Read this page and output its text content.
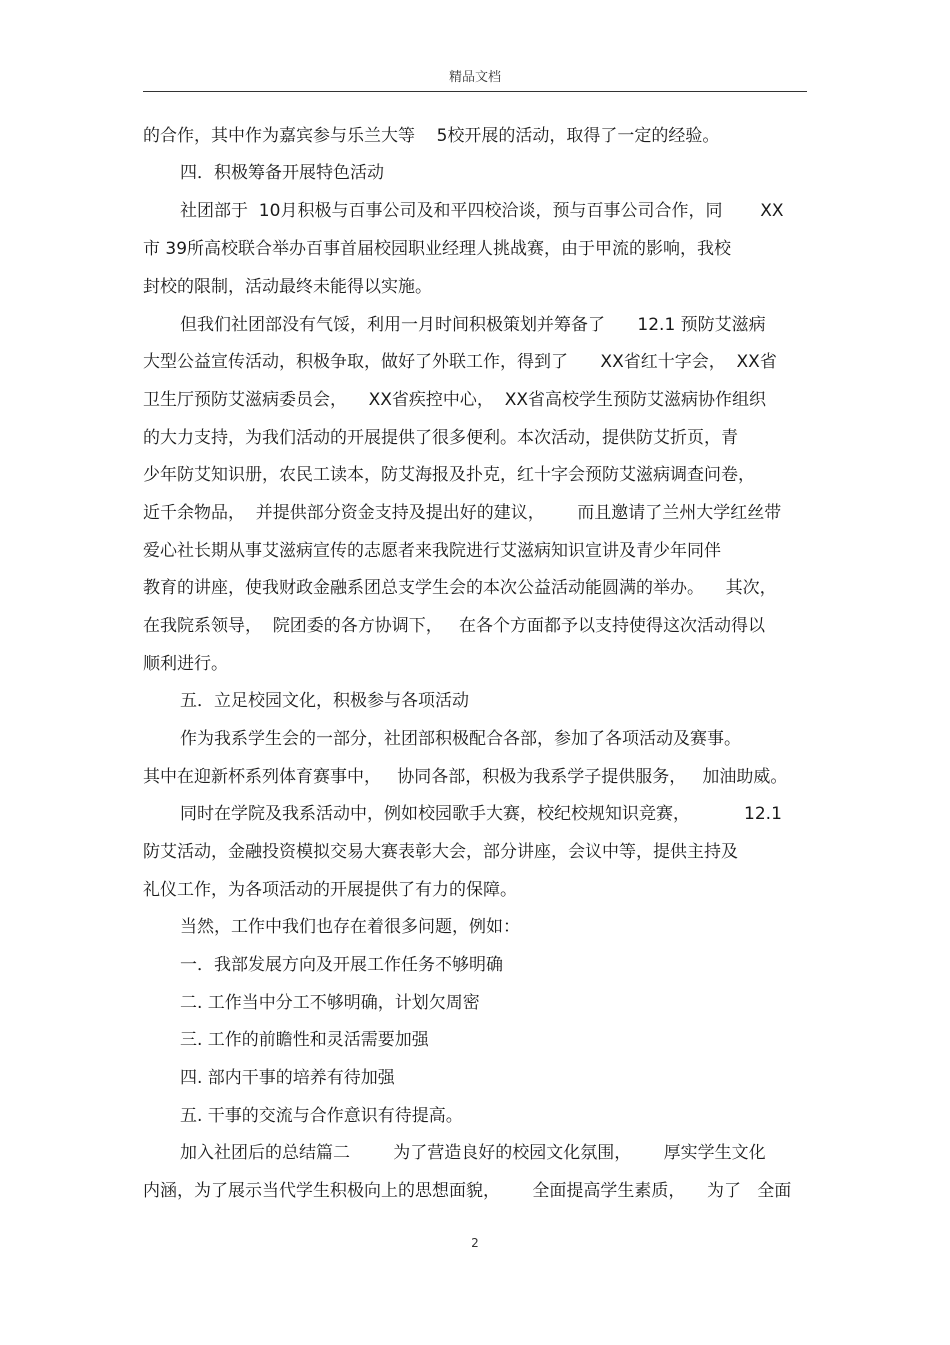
精品文档
的合作，其中作为嘉宾参与乐兰大等    5校开展的活动，取得了一定的经验。
四．积极筹备开展特色活动
社团部于  10月积极与百事公司及和平四校洽谈，预与百事公司合作，同       XX
市 39所高校联合举办百事首届校园职业经理人挑战赛，由于甲流的影响，我校
封校的限制，活动最终未能得以实施。
但我们社团部没有气馁，利用一月时间积极策划并筹备了      12.1 预防艾滋病
大型公益宣传活动，积极争取，做好了外联工作，得到了      XX省红十字会，  XX省
卫生厅预防艾滋病委员会，    XX省疾控中心，  XX省高校学生预防艾滋病协作组织
的大力支持，为我们活动的开展提供了很多便利。本次活动，提供防艾折页，青
少年防艾知识册，农民工读本，防艾海报及扑克，红十字会预防艾滋病调查问卷，
近千余物品，  并提供部分资金支持及提出好的建议，      而且邀请了兰州大学红丝带
爱心社长期从事艾滋病宣传的志愿者来我院进行艾滋病知识宣讲及青少年同伴
教育的讲座，使我财政金融系团总支学生会的本次公益活动能圆满的举办。    其次，
在我院系领导，  院团委的各方协调下，   在各个方面都予以支持使得这次活动得以
顺利进行。
五．立足校园文化，积极参与各项活动
作为我系学生会的一部分，社团部积极配合各部，参加了各项活动及赛事。
其中在迎新杯系列体育赛事中，   协同各部，积极为我系学子提供服务，   加油助威。
同时在学院及我系活动中，例如校园歌手大赛，校纪校规知识竞赛，          12.1
防艾活动，金融投资模拟交易大赛表彰大会，部分讲座，会议中等，提供主持及
礼仪工作，为各项活动的开展提供了有力的保障。
当然，工作中我们也存在着很多问题，例如：
一．我部发展方向及开展工作任务不够明确
二. 工作当中分工不够明确，计划欠周密
三. 工作的前瞻性和灵活需要加强
四. 部内干事的培养有待加强
五. 干事的交流与合作意识有待提高。
加入社团后的总结篇二        为了营造良好的校园文化氛围，      厚实学生文化
内涵，为了展示当代学生积极向上的思想面貌，      全面提高学生素质，    为了   全面
2
